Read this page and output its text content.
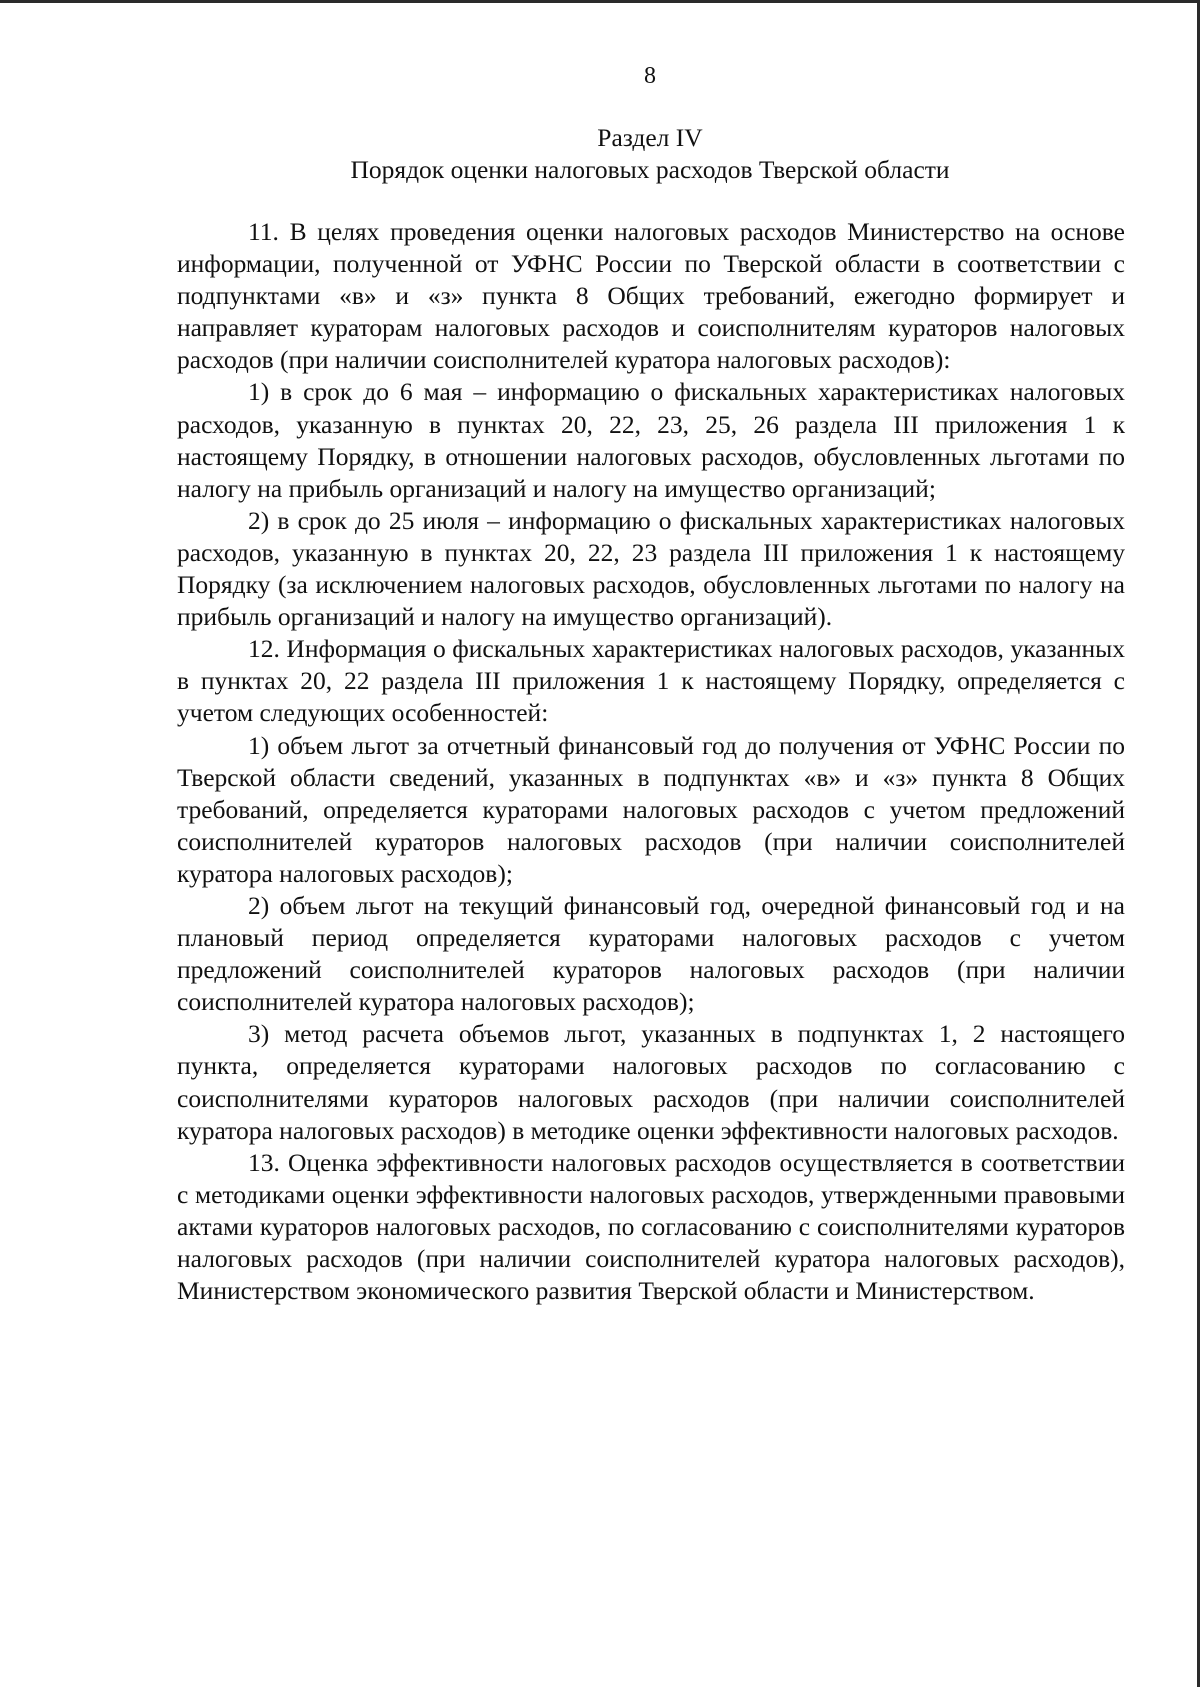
8
Раздел IV
Порядок оценки налоговых расходов Тверской области

11. В целях проведения оценки налоговых расходов Министерство на основе информации, полученной от УФНС России по Тверской области в соответствии с подпунктами «в» и «з» пункта 8 Общих требований, ежегодно формирует и направляет кураторам налоговых расходов и соисполнителям кураторов налоговых расходов (при наличии соисполнителей куратора налоговых расходов):

1) в срок до 6 мая – информацию о фискальных характеристиках налоговых расходов, указанную в пунктах 20, 22, 23, 25, 26 раздела III приложения 1 к настоящему Порядку, в отношении налоговых расходов, обусловленных льготами по налогу на прибыль организаций и налогу на имущество организаций;

2) в срок до 25 июля – информацию о фискальных характеристиках налоговых расходов, указанную в пунктах 20, 22, 23 раздела III приложения 1 к настоящему Порядку (за исключением налоговых расходов, обусловленных льготами по налогу на прибыль организаций и налогу на имущество организаций).

12. Информация о фискальных характеристиках налоговых расходов, указанных в пунктах 20, 22 раздела III приложения 1 к настоящему Порядку, определяется с учетом следующих особенностей:

1) объем льгот за отчетный финансовый год до получения от УФНС России по Тверской области сведений, указанных в подпунктах «в» и «з» пункта 8 Общих требований, определяется кураторами налоговых расходов с учетом предложений соисполнителей кураторов налоговых расходов (при наличии соисполнителей куратора налоговых расходов);

2) объем льгот на текущий финансовый год, очередной финансовый год и на плановый период определяется кураторами налоговых расходов с учетом предложений соисполнителей кураторов налоговых расходов (при наличии соисполнителей куратора налоговых расходов);

3) метод расчета объемов льгот, указанных в подпунктах 1, 2 настоящего пункта, определяется кураторами налоговых расходов по согласованию с соисполнителями кураторов налоговых расходов (при наличии соисполнителей куратора налоговых расходов) в методике оценки эффективности налоговых расходов.

13. Оценка эффективности налоговых расходов осуществляется в соответствии с методиками оценки эффективности налоговых расходов, утвержденными правовыми актами кураторов налоговых расходов, по согласованию с соисполнителями кураторов налоговых расходов (при наличии соисполнителей куратора налоговых расходов), Министерством экономического развития Тверской области и Министерством.
